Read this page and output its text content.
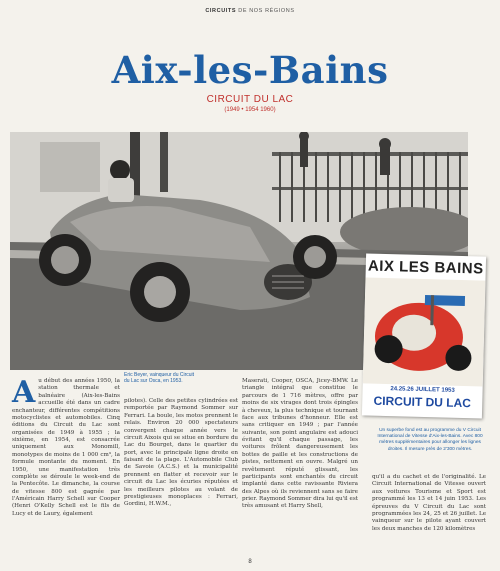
CIRCUITS DE NOS RÉGIONS
Aix-les-Bains
CIRCUIT DU LAC
(1949 • 1954 1960)
AIX LES BAINS
24.25.26 JUILLET 1953
CIRCUIT DU LAC
Eric Beyer, vainqueur du Circuit du Lac sur Osca, en 1953.
Un superbe fond est au programme du V Circuit International de Vitesse d'Aix-les-Bains. Avec 800 mètres supplémentaires pour allonger les lignes droites. Il mesure près de 2'300 mètres.
A u début des années 1950, la station thermale et balnéaire (Aix-les-Bains accueille été dans un cadre enchanteur, différentes compétitions motocyclistes et automobiles. Cinq éditions du Circuit du Lac sont organisées de 1949 à 1955 ; la sixième, en 1954, est consacrée uniquement aux Monomill, monotypes de moins de 1 000 cm³, la formule montante du moment. En 1950, une manifestation très complète se déroule le week-end de la Pentecôte. Le dimanche, la course de vitesse 800 est gagnée par l'Américain Harry Schell sur Cooper (Henri O'Kelly Schell est le fils de Lucy et de Laury, également
pilotes). Celle des petites cylindrées est remportée par Raymond Sommer sur Ferrari. La boule, les motos prennent le relais. Environ 20 000 spectateurs convergent chaque année vers le circuit Aixois qui se situe en bordure du Lac du Bourget, dans le quartier du port, avec le principale ligne droite en faisant de la plage. L'Automobile Club de Savoie (A.C.S.) et la municipalité prennent en flatter et recevoir sur le circuit du Lac les écuries réputées et les meilleurs pilotes au volant de prestigieuses monoplaces : Ferrari, Gordini, H.W.M.,
Maserati, Cooper, OSCA, Jicey-BMW. Le triangle intégral que constitue le parcours de 1 716 mètres, offre par moins de six virages dont trois épingles à cheveux, la plus technique et tournant face aux tribunes d'honneur. Elle est sans critiquer en 1949 ; par l'année suivante, son point angulaire est adouci évitant qu'il chaque passage, les voitures frôlent dangereusement les bottes de paille et les constructions de pistes, nettement en ouvre. Malgré un revêtement réputé glissant, les participants sont enchantés du circuit implanté dans cette ravissante Riviera des Alpes où ils reviennent sans se faire prier. Raymond Sommer dira lui qu'il est très amusant et Harry Shell,
qu'il a du cachet et de l'originalité. Le Circuit International de Vitesse ouvert aux voitures Tourisme et Sport est programmé les 13 et 14 juin 1953. Les épreuves du V Circuit du Lac sont programmées les 24, 25 et 26 juillet. Le vainqueur sur le pilote ayant couvert les deux manches de 120 kilomètres
8
